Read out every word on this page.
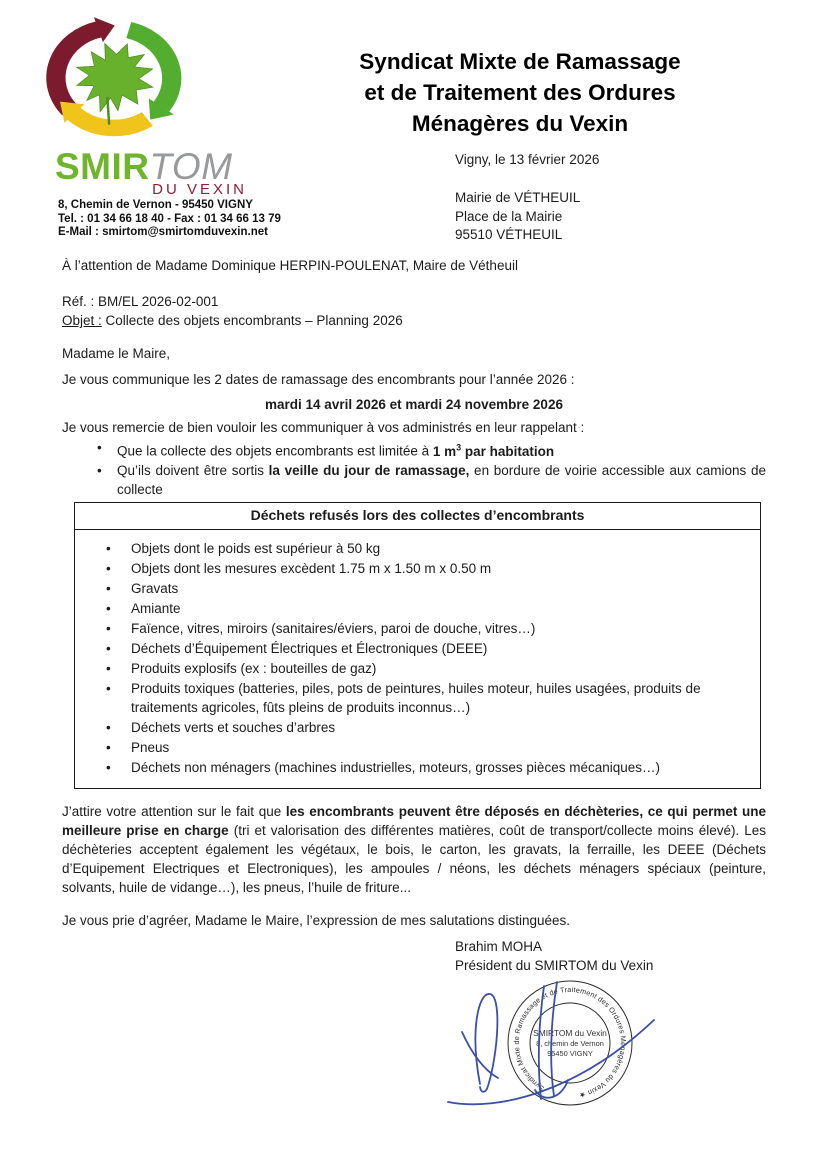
SMIRTOM
DU VEXIN
8, Chemin de Vernon - 95450 VIGNY
Tel. : 01 34 66 18 40 - Fax : 01 34 66 13 79
E-Mail : smirtom@smirtomduvexin.net
Syndicat Mixte de Ramassage
et de Traitement des Ordures
Ménagères du Vexin
Vigny, le 13 février 2026
Mairie de VÉTHEUIL
Place de la Mairie
95510 VÉTHEUIL
À l’attention de Madame Dominique HERPIN-POULENAT, Maire de Vétheuil
Réf. : BM/EL 2026-02-001
Objet : Collecte des objets encombrants – Planning 2026
Madame le Maire,
Je vous communique les 2 dates de ramassage des encombrants pour l’année 2026 :
mardi 14 avril 2026 et mardi 24 novembre 2026
Je vous remercie de bien vouloir les communiquer à vos administrés en leur rappelant :
• Que la collecte des objets encombrants est limitée à 1 $m^3$ par habitation
• Qu’ils doivent être sortis la veille du jour de ramassage, en bordure de voirie accessible aux camions de collecte
Déchets refusés lors des collectes d’encombrants
• Objets dont le poids est supérieur à 50 kg
• Objets dont les mesures excèdent 1.75 m x 1.50 m x 0.50 m
• Gravats
• Amiante
• Faïence, vitres, miroirs (sanitaires/éviers, paroi de douche, vitres…)
• Déchets d’Équipement Électriques et Électroniques (DEEE)
• Produits explosifs (ex : bouteilles de gaz)
• Produits toxiques (batteries, piles, pots de peintures, huiles moteur, huiles usagées, produits de traitements agricoles, fûts pleins de produits inconnus…)
• Déchets verts et souches d’arbres
• Pneus
• Déchets non ménagers (machines industrielles, moteurs, grosses pièces mécaniques…)
J’attire votre attention sur le fait que les encombrants peuvent être déposés en déchèteries, ce qui permet une meilleure prise en charge (tri et valorisation des différentes matières, coût de transport/collecte moins élevé). Les déchèteries acceptent également les végétaux, le bois, le carton, les gravats, la ferraille, les DEEE (Déchets d’Equipement Electriques et Electroniques), les ampoules / néons, les déchets ménagers spéciaux (peinture, solvants, huile de vidange…), les pneus, l’huile de friture...
Je vous prie d’agréer, Madame le Maire, l’expression de mes salutations distinguées.
Brahim MOHA
Président du SMIRTOM du Vexin
Syndicat Mixte de Ramassage et de Traitement des Ordures Ménagères du Vexin ★
SMIRTOM du Vexin
8, chemin de Vernon
95450 VIGNY
